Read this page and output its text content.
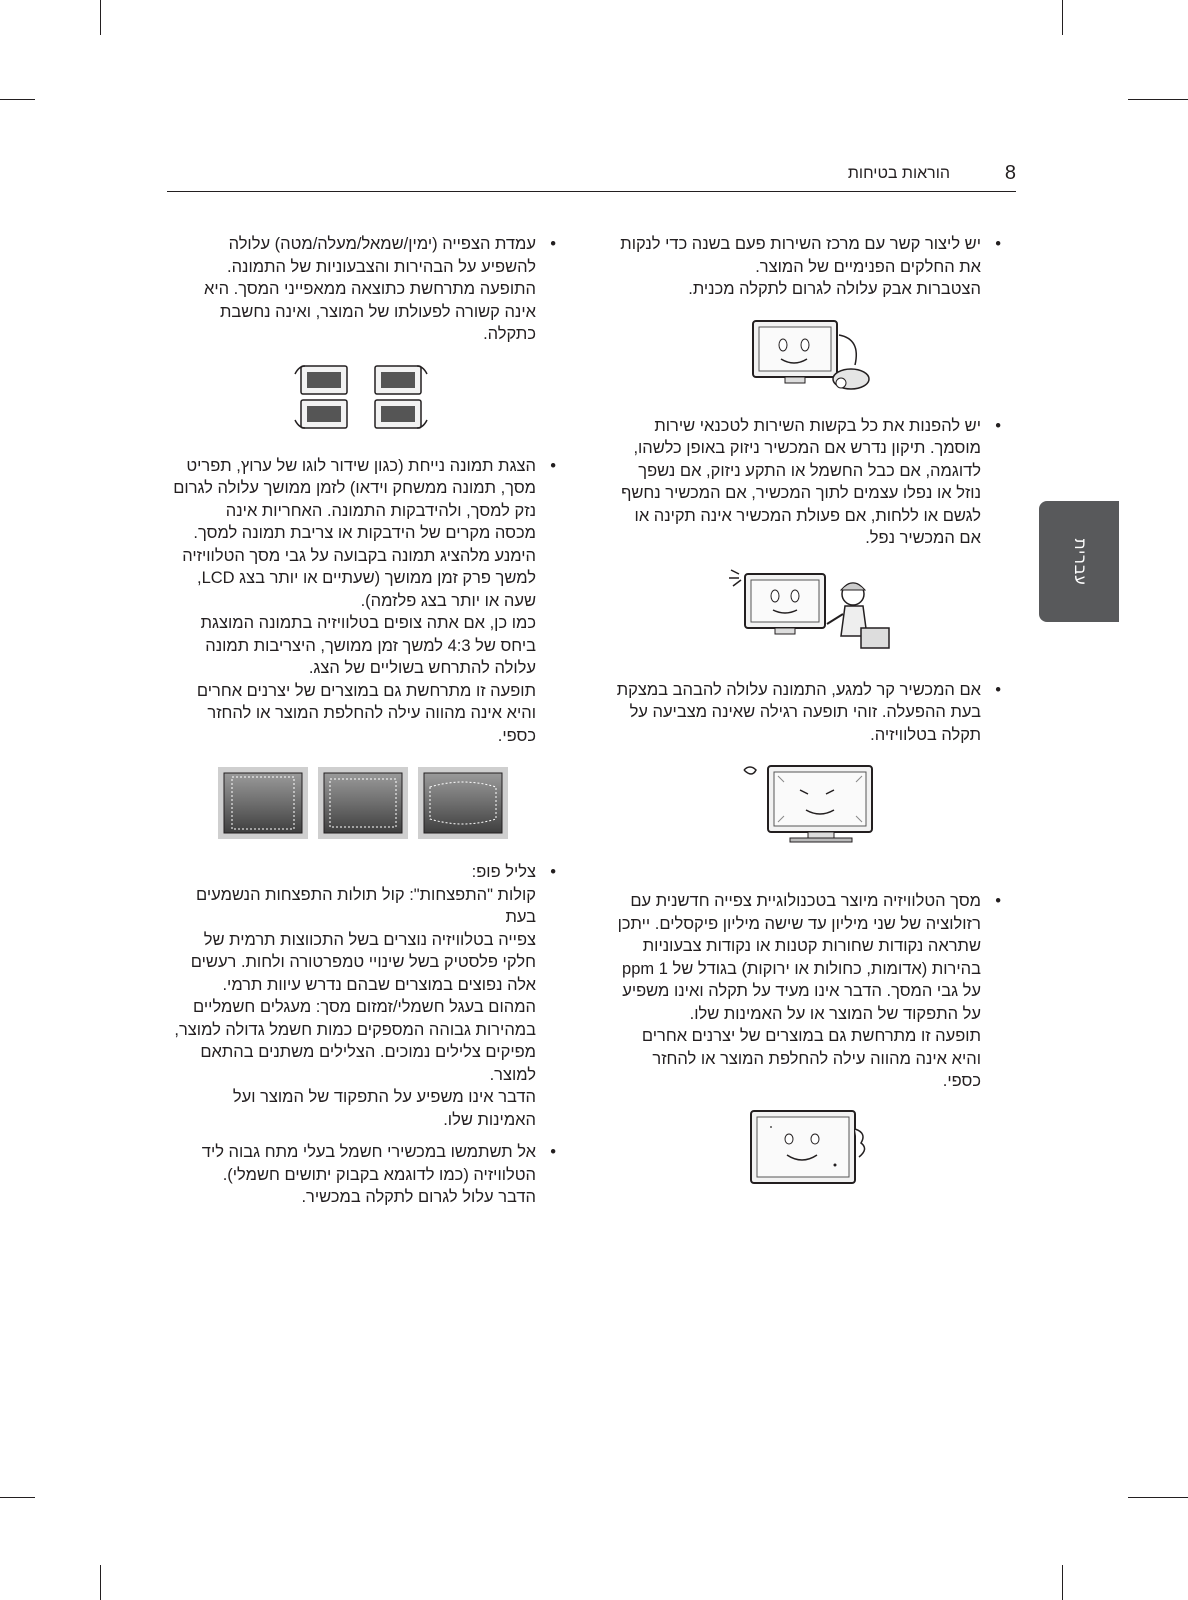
הוראות בטיחות	8
עברית
•

יש ליצור קשר עם מרכז השירות פעם בשנה כדי לנקות

את החלקים הפנימיים של המוצר.

הצטברות אבק עלולה לגרום לתקלה מכנית.

•

יש להפנות את כל בקשות השירות לטכנאי שירות

מוסמך. תיקון נדרש אם המכשיר ניזוק באופן כלשהו,

לדוגמה, אם כבל החשמל או התקע ניזוק, אם נשפך

נוזל או נפלו עצמים לתוך המכשיר, אם המכשיר נחשף

לגשם או ללחות, אם פעולת המכשיר אינה תקינה או

אם המכשיר נפל.

•

אם המכשיר קר למגע, התמונה עלולה להבהב במצקת

בעת ההפעלה. זוהי תופעה רגילה שאינה מצביעה על

תקלה בטלוויזיה.

•

מסך הטלוויזיה מיוצר בטכנולוגיית צפייה חדשנית עם

רזולוציה של שני מיליון עד שישה מיליון פיקסלים. ייתכן

שתראה נקודות שחורות קטנות או נקודות צבעוניות

בהירות (אדומות, כחולות או ירוקות) בגודל של 1 ppm

על גבי המסך. הדבר אינו מעיד על תקלה ואינו משפיע

על התפקוד של המוצר או על האמינות שלו.

תופעה זו מתרחשת גם במוצרים של יצרנים אחרים

והיא אינה מהווה עילה להחלפת המוצר או להחזר

כספי.

•

עמדת הצפייה (ימין/שמאל/מעלה/מטה) עלולה

להשפיע על הבהירות והצבעוניות של התמונה.

התופעה מתרחשת כתוצאה ממאפייני המסך. היא

אינה קשורה לפעולתו של המוצר, ואינה נחשבת

כתקלה.

•

הצגת תמונה נייחת (כגון שידור לוגו של ערוץ, תפריט

מסך, תמונה ממשחק וידאו) לזמן ממושך עלולה לגרום

נזק למסך, ולהידבקות התמונה. האחריות אינה

מכסה מקרים של הידבקות או צריבת תמונה למסך.

הימנע מלהציג תמונה בקבועה על גבי מסך הטלוויזיה

למשך פרק זמן ממושך (שעתיים או יותר בצג LCD,

שעה או יותר בצג פלזמה).

כמו כן, אם אתה צופים בטלוויזיה בתמונה המוצגת

ביחס של 4:3 למשך זמן ממושך, היצריבות תמונה

עלולה להתרחש בשוליים של הצג.

תופעה זו מתרחשת גם במוצרים של יצרנים אחרים

והיא אינה מהווה עילה להחלפת המוצר או להחזר

כספי.

•

צליל פופ:

קולות "התפצחות": קול תולות התפצחות הנשמעים בעת

צפייה בטלוויזיה נוצרים בשל התכווצות תרמית של

חלקי פלסטיק בשל שינויי טמפרטורה ולחות. רעשים

אלה נפוצים במוצרים שבהם נדרש עיוות תרמי.

המהום בעגל חשמלי/זמזום מסך: מעגלים חשמליים

במהירות גבוהה המספקים כמות חשמל גדולה למוצר,

מפיקים צלילים נמוכים. הצלילים משתנים בהתאם

למוצר.

הדבר אינו משפיע על התפקוד של המוצר ועל

האמינות שלו.

•

אל תשתמשו במכשירי חשמל בעלי מתח גבוה ליד

הטלוויזיה (כמו לדוגמא בקבוק יתושים חשמלי).

הדבר עלול לגרום לתקלה במכשיר.
